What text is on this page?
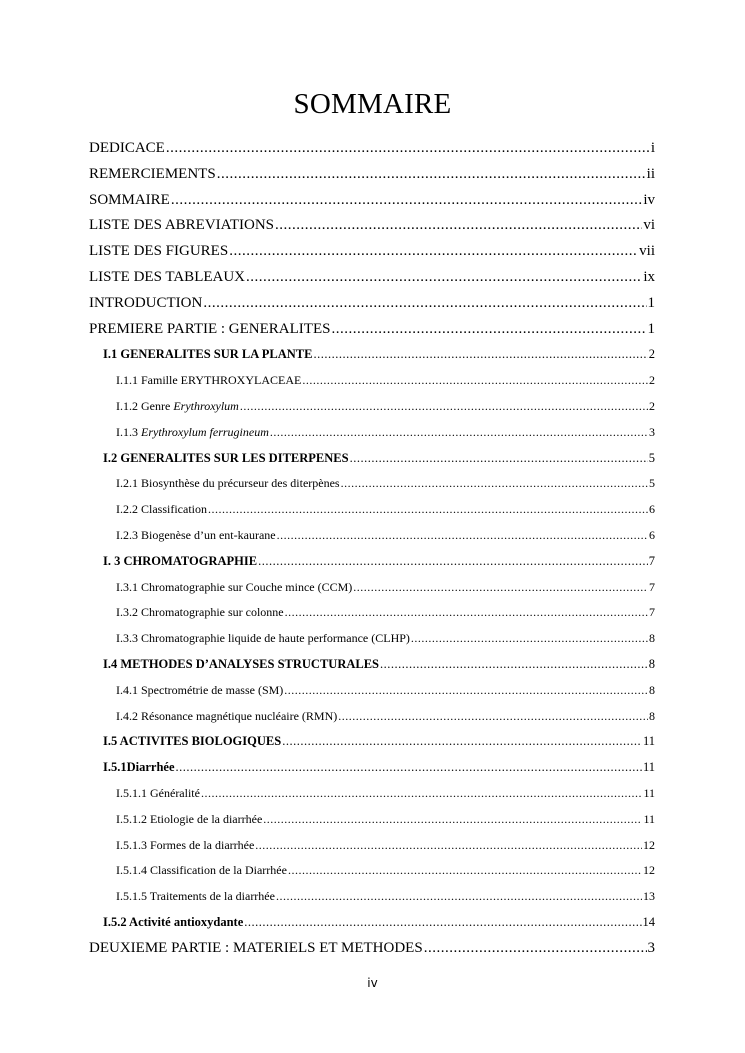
SOMMAIRE
DEDICACE .....	i
REMERCIEMENTS .....	ii
SOMMAIRE .....	iv
LISTE DES ABREVIATIONS .....	vi
LISTE DES FIGURES .....	vii
LISTE DES TABLEAUX .....	ix
INTRODUCTION .....	1
PREMIERE PARTIE : GENERALITES .....	1
I.1 GENERALITES SUR LA PLANTE .....	2
I.1.1 Famille ERYTHROXYLACEAE .....	2
I.1.2 Genre Erythroxylum .....	2
I.1.3 Erythroxylum ferrugineum .....	3
I.2 GENERALITES SUR LES DITERPENES .....	5
I.2.1 Biosynthèse du précurseur des diterpènes .....	5
I.2.2 Classification .....	6
I.2.3 Biogenèse d’un ent-kaurane .....	6
I. 3 CHROMATOGRAPHIE .....	7
I.3.1 Chromatographie sur Couche mince (CCM) .....	7
I.3.2 Chromatographie sur colonne .....	7
I.3.3 Chromatographie liquide de haute performance (CLHP) .....	8
I.4 METHODES D’ANALYSES STRUCTURALES .....	8
I.4.1 Spectrométrie de masse (SM) .....	8
I.4.2 Résonance magnétique nucléaire (RMN) .....	8
I.5 ACTIVITES BIOLOGIQUES .....	11
I.5.1Diarrhée .....	11
I.5.1.1 Généralité .....	11
I.5.1.2 Etiologie de la diarrhée .....	11
I.5.1.3 Formes de la diarrhée .....	12
I.5.1.4 Classification de la Diarrhée .....	12
I.5.1.5 Traitements de la diarrhée .....	13
I.5.2 Activité antioxydante .....	14
DEUXIEME PARTIE : MATERIELS ET METHODES .....	3
iv
